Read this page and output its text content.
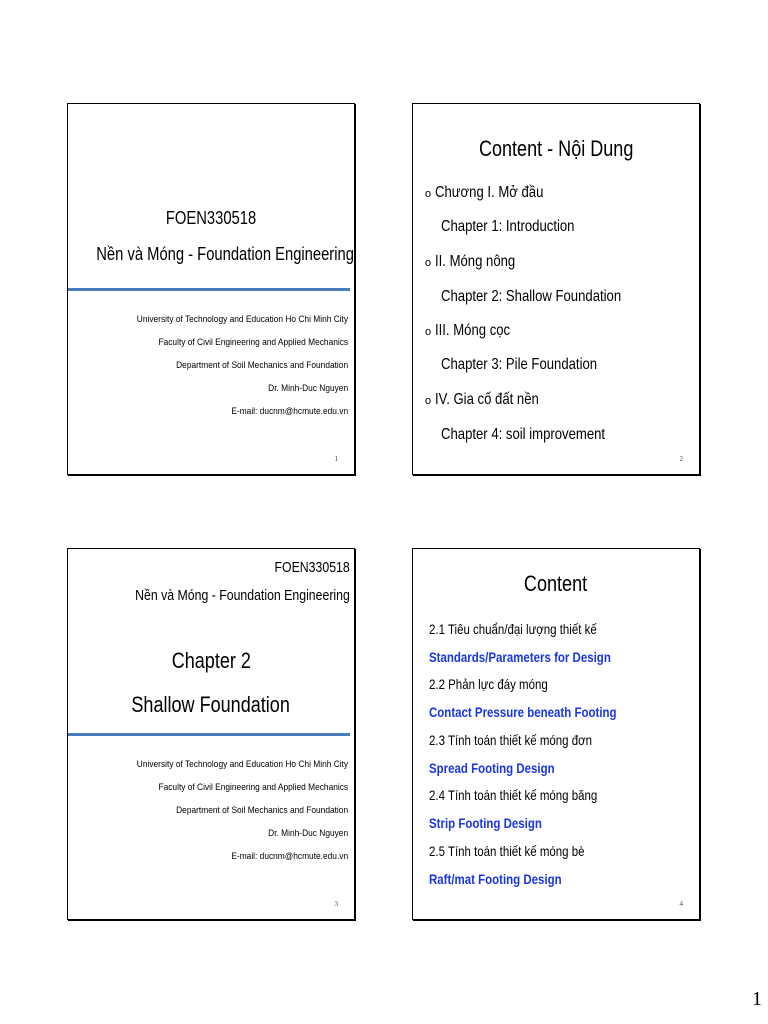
FOEN330518
Nền và Móng - Foundation Engineering
University of Technology and Education Ho Chi Minh City
Faculty of Civil Engineering and Applied Mechanics
Department of Soil Mechanics and Foundation
Dr. Minh-Duc Nguyen
E-mail: ducnm@hcmute.edu.vn
1
Content - Nội Dung
o Chương I. Mở đầu
Chapter 1: Introduction
o II. Móng nông
Chapter 2: Shallow Foundation
o III. Móng cọc
Chapter 3: Pile Foundation
o IV. Gia cố đất nền
Chapter 4: soil improvement
2
FOEN330518
Nền và Móng - Foundation Engineering
Chapter 2
Shallow Foundation
University of Technology and Education Ho Chi Minh City
Faculty of Civil Engineering and Applied Mechanics
Department of Soil Mechanics and Foundation
Dr. Minh-Duc Nguyen
E-mail: ducnm@hcmute.edu.vn
3
Content
2.1 Tiêu chuẩn/đại lượng thiết kế
Standards/Parameters for Design
2.2 Phản lực đáy móng
Contact Pressure beneath Footing
2.3 Tính toán thiết kế móng đơn
Spread Footing Design
2.4 Tính toán thiết kế móng băng
Strip Footing Design
2.5 Tính toán thiết kế móng bè
Raft/mat Footing Design
4
1
